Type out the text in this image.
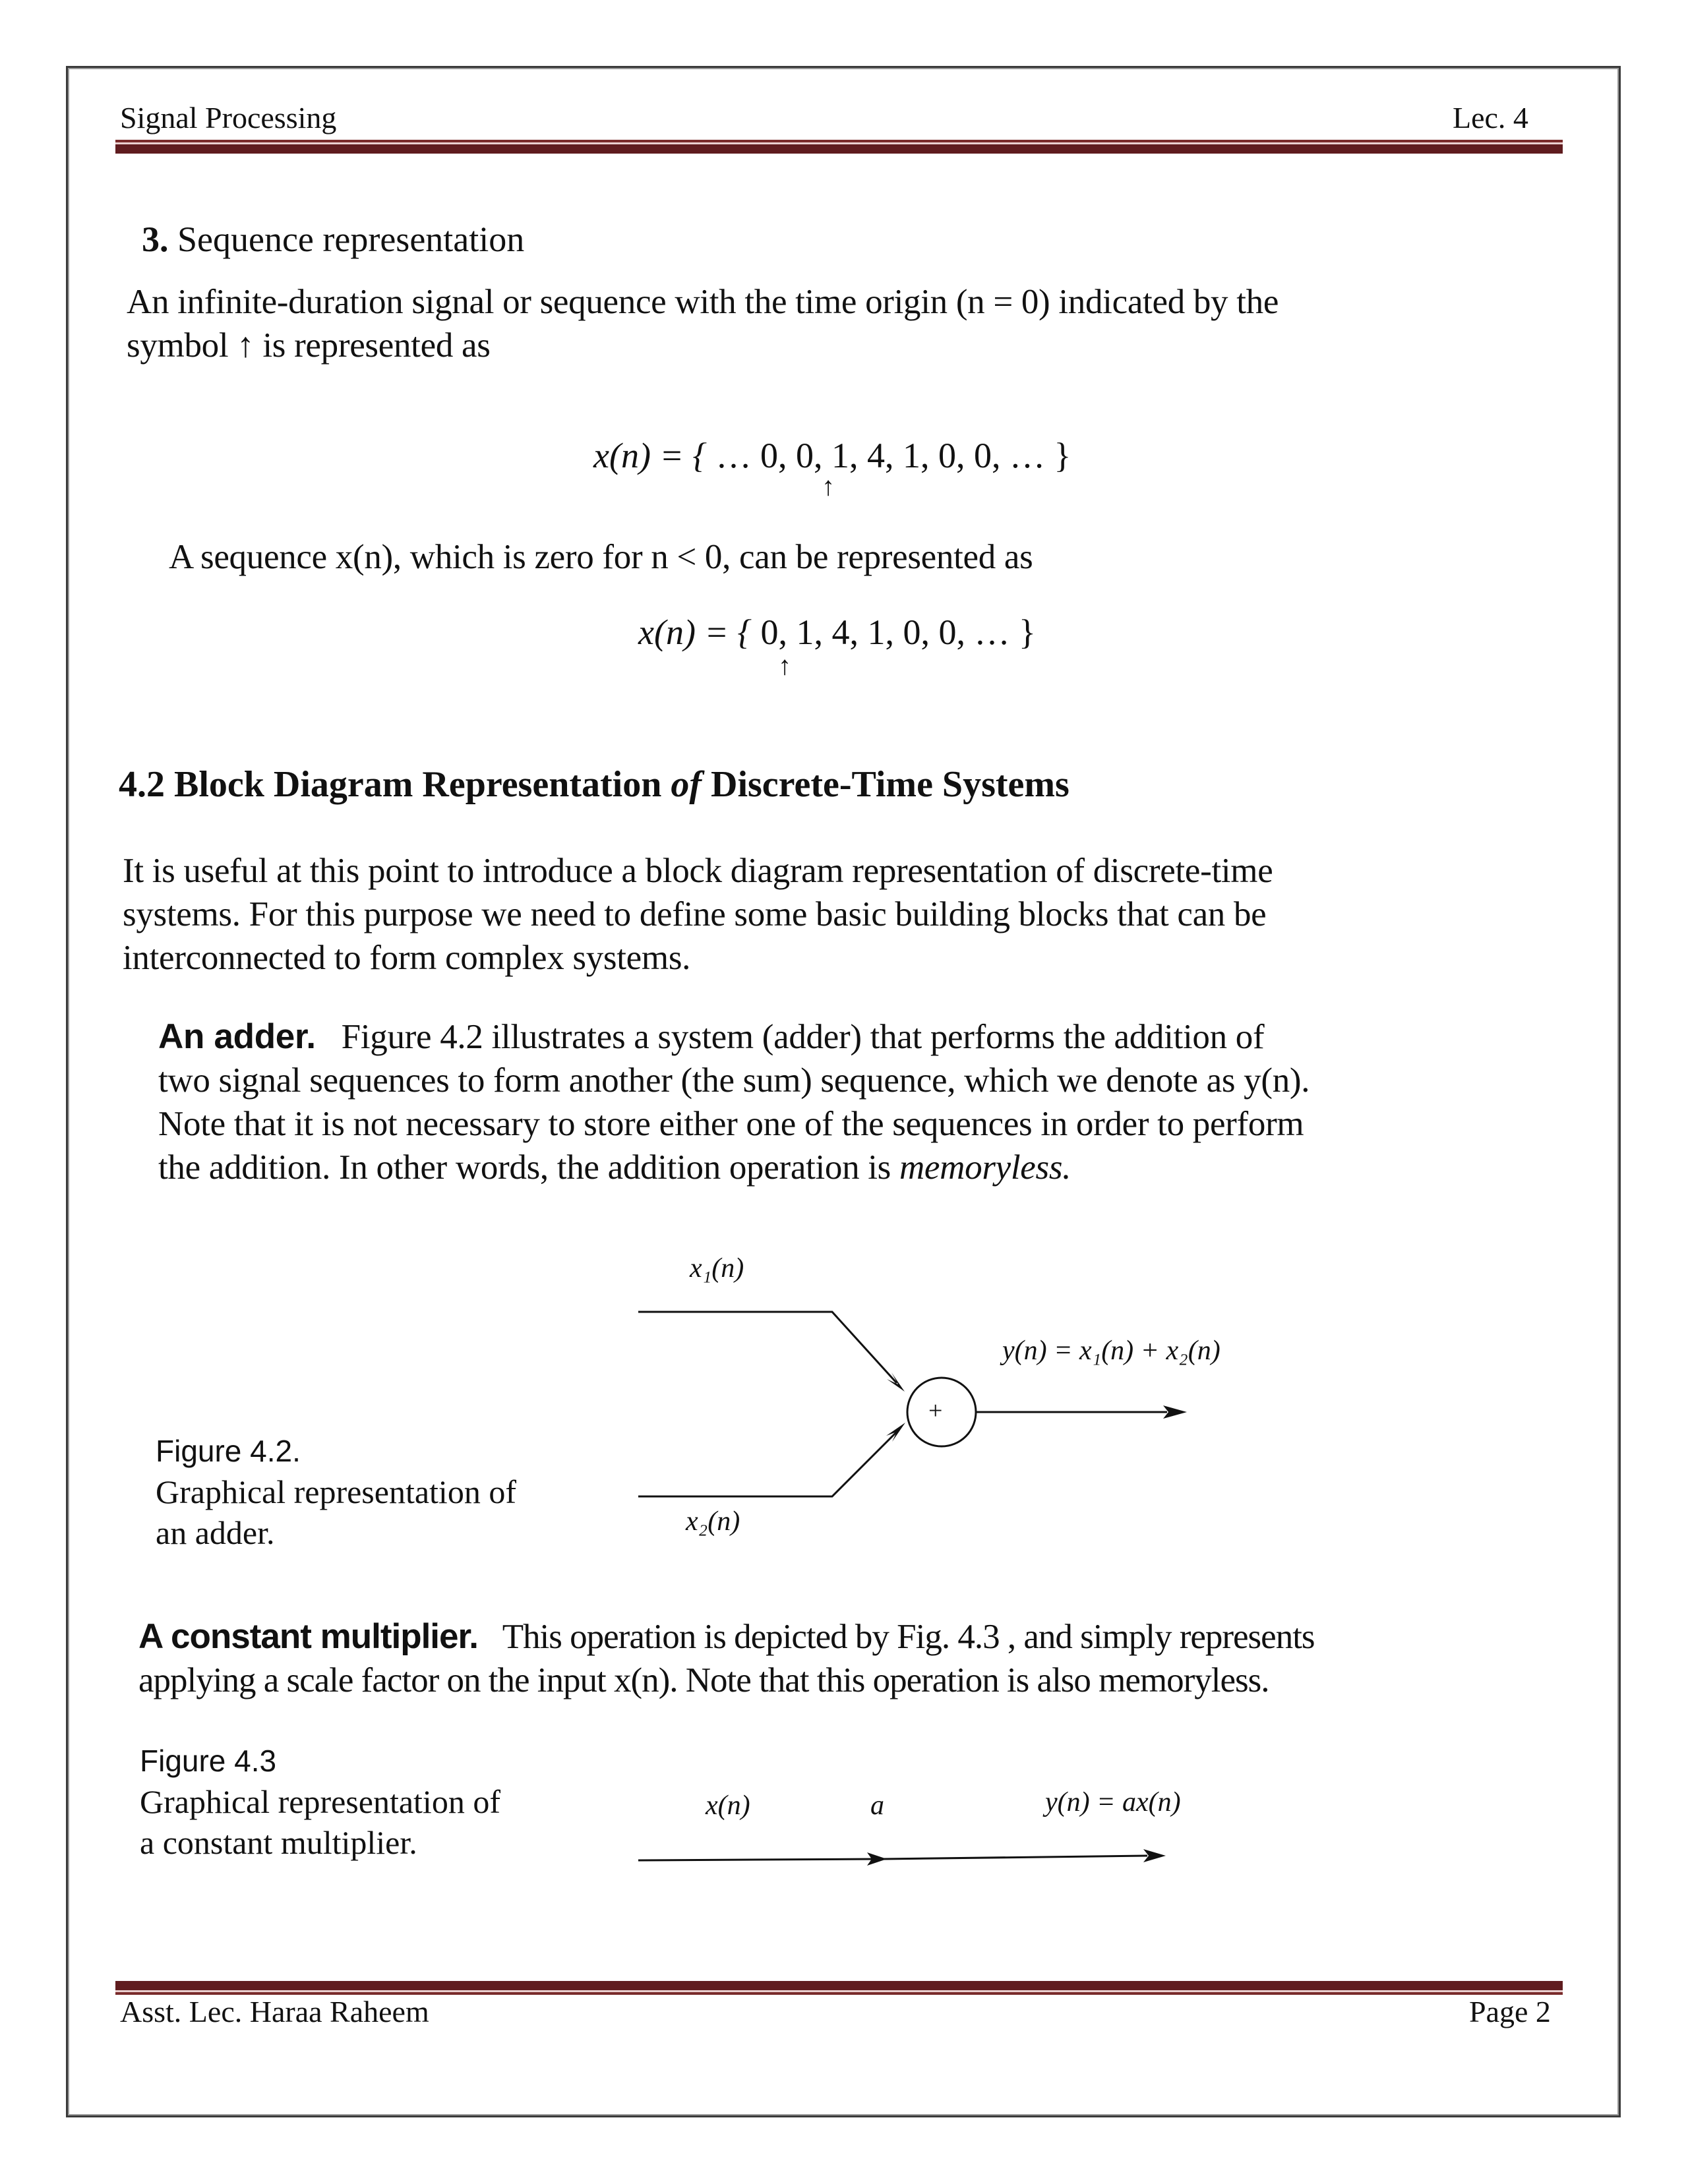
Signal Processing	Lec. 4
3. Sequence representation
An infinite-duration signal or sequence with the time origin (n = 0) indicated by the
symbol ↑ is represented as
x(n) = { … 0, 0, 1, 4, 1, 0, 0, … }
↑
A sequence x(n), which is zero for n < 0, can be represented as
x(n) = { 0, 1, 4, 1, 0, 0, … }
↑
4.2 Block Diagram Representation of Discrete-Time Systems
It is useful at this point to introduce a block diagram representation of discrete-time
systems. For this purpose we need to define some basic building blocks that can be
interconnected to form complex systems.
An adder. Figure 4.2 illustrates a system (adder) that performs the addition of
two signal sequences to form another (the sum) sequence, which we denote as y(n).
Note that it is not necessary to store either one of the sequences in order to perform
the addition. In other words, the addition operation is memoryless.
+
x₁(n)
x₂(n)
y(n) = x₁(n) + x₂(n)
Figure 4.2.
Graphical representation of
an adder.
A constant multiplier. This operation is depicted by Fig. 4.3 , and simply represents
applying a scale factor on the input x(n). Note that this operation is also memoryless.
Figure 4.3
Graphical representation of
a constant multiplier.
x(n)	a	y(n) = ax(n)
Asst. Lec. Haraa Raheem	Page 2
